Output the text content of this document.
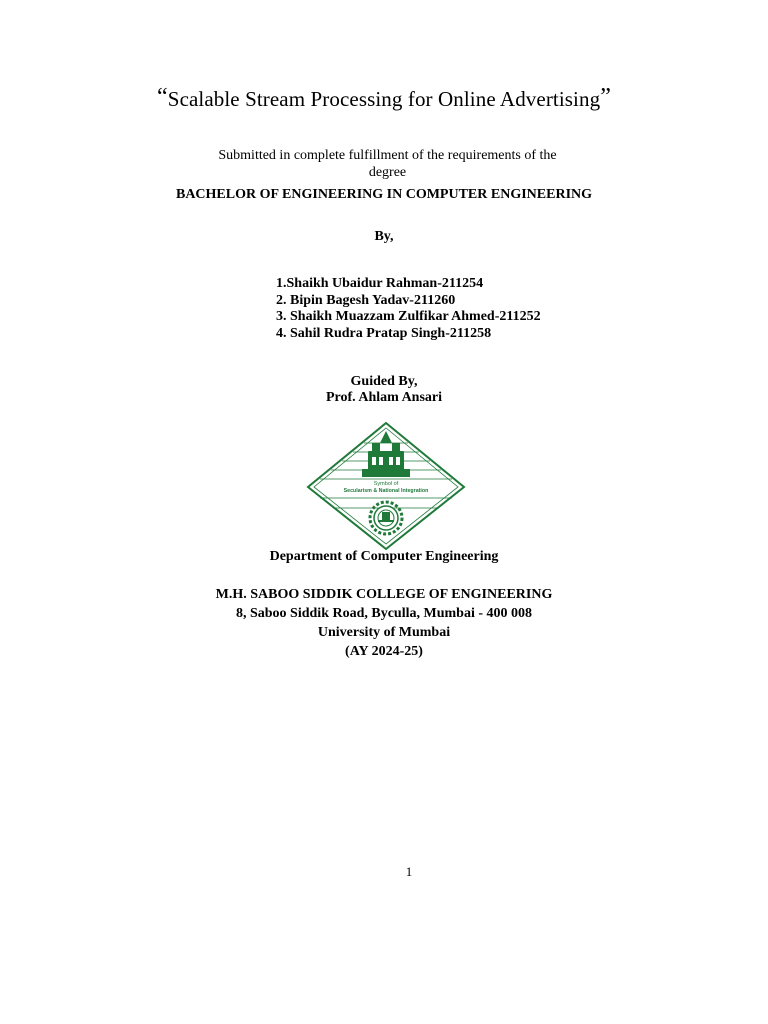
“Scalable Stream Processing for Online Advertising”
Submitted in complete fulfillment of the requirements of the degree
BACHELOR OF ENGINEERING IN COMPUTER ENGINEERING
By,
1.Shaikh Ubaidur Rahman-211254
2. Bipin Bagesh Yadav-211260
3. Shaikh Muazzam Zulfikar Ahmed-211252
4. Sahil Rudra Pratap Singh-211258
Guided By,
Prof. Ahlam Ansari
Symbol of
Secularism & National Integration
Department of Computer Engineering
M.H. SABOO SIDDIK COLLEGE OF ENGINEERING
8, Saboo Siddik Road, Byculla, Mumbai - 400 008
University of Mumbai
(AY 2024-25)
1
